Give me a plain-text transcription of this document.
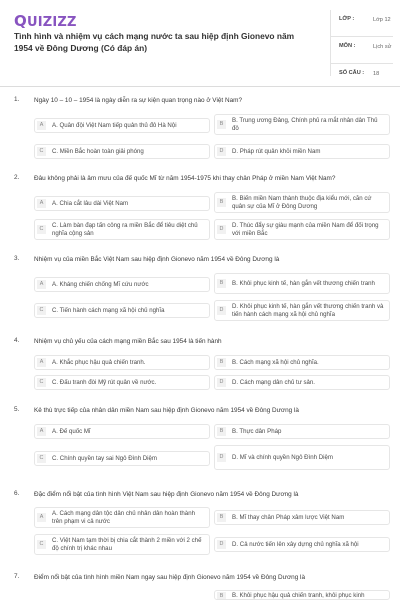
QUIZIZZ
Tình hình và nhiệm vụ cách mạng nước ta sau hiệp định Gionevo năm 1954 về Đông Dương (Có đáp án)
LỚP :	Lớp 12
MÔN :	Lịch sử
SỐ CÂU : 18
1. Ngày 10 – 10 – 1954 là ngày diễn ra sự kiện quan trọng nào ở Việt Nam?
A	A. Quân đội Việt Nam tiếp quản thủ đô Hà Nội	B
B. Trung ương Đảng, Chính phủ ra mắt nhân dân Thủ đô
C	C. Miền Bắc hoàn toàn giải phóng	D	D. Pháp rút quân khỏi miền Nam
2. Đâu không phải là âm mưu của đế quốc Mĩ từ năm 1954-1975 khi thay chân Pháp ở miền Nam Việt Nam?
A	A. Chia cắt lâu dài Việt Nam	B
B. Biến miền Nam thành thuộc địa kiểu mới, căn cứ quân sự của Mĩ ở Đông Dương
C
C. Làm bàn đạp tấn công ra miền Bắc để tiêu diệt chủ nghĩa cộng sản
D
D. Thúc đẩy sự giàu mạnh của miền Nam để đối trọng với miền Bắc
3. Nhiệm vụ của miền Bắc Việt Nam sau hiệp định Gionevo năm 1954 về Đông Dương là
A	A. Kháng chiến chống Mĩ cứu nước	B	B. Khôi phục kinh tế, hàn gắn vết thương chiến tranh
C	C. Tiến hành cách mạng xã hội chủ nghĩa	D
D. Khôi phục kinh tế, hàn gắn vết thương chiến tranh và tiến hành cách mạng xã hội chủ nghĩa
4. Nhiệm vụ chủ yếu của cách mạng miền Bắc sau 1954 là tiến hành
A	A. Khắc phục hậu quả chiến tranh.	B	B. Cách mạng xã hội chủ nghĩa.
C	C. Đấu tranh đòi Mỹ rút quân về nước.	D	D. Cách mạng dân chủ tư sản.
5. Kẻ thù trực tiếp của nhân dân miền Nam sau hiệp định Gionevo năm 1954 về Đông Dương là
A	A. Đế quốc Mĩ	B	B. Thực dân Pháp
C	C. Chính quyền tay sai Ngô Đình Diệm	D	D. Mĩ và chính quyền Ngô Đình Diệm
6. Đặc điểm nổi bật của tình hình Việt Nam sau hiệp định Gionevo năm 1954 về Đông Dương là
A
A. Cách mạng dân tộc dân chủ nhân dân hoàn thành trên phạm vi cả nước
B	B. Mĩ thay chân Pháp xâm lược Việt Nam
C
C. Việt Nam tạm thời bị chia cắt thành 2 miền với 2 chế độ chính trị khác nhau
D	D. Cả nước tiến lên xây dựng chủ nghĩa xã hội
7. Điểm nổi bật của tình hình miền Nam ngay sau hiệp định Gionevo năm 1954 về Đông Dương là
B	B. Khôi phục hậu quả chiến tranh, khôi phục kinh
